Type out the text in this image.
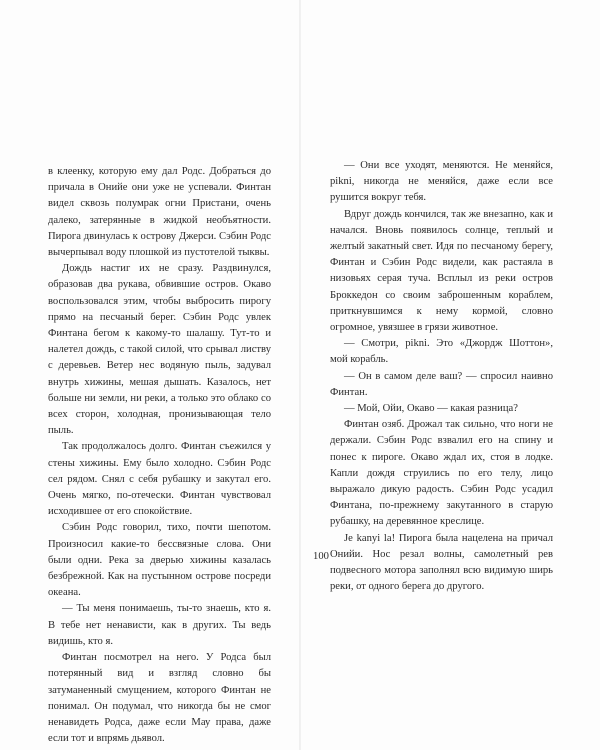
в клеенку, которую ему дал Родс. Добраться до причала в Онийе они уже не успевали. Финтан видел сквозь полумрак огни Пристани, очень далеко, затерянные в жидкой необъятности. Пирога двинулась к острову Джерси. Сэбин Родс вычерпывал воду плошкой из пустотелой тыквы.

Дождь настиг их не сразу. Раздвинулся, образовав два рукава, обвившие остров. Окаво воспользовался этим, чтобы выбросить пирогу прямо на песчаный берег. Сэбин Родс увлек Финтана бегом к какому-то шалашу. Тут-то и налетел дождь, с такой силой, что срывал листву с деревьев. Ветер нес водяную пыль, задувал внутрь хижины, мешая дышать. Казалось, нет больше ни земли, ни реки, а только это облако со всех сторон, холодная, пронизывающая тело пыль.

Так продолжалось долго. Финтан съежился у стены хижины. Ему было холодно. Сэбин Родс сел рядом. Снял с себя рубашку и закутал его. Очень мягко, по-отечески. Финтан чувствовал исходившее от его спокойствие.

Сэбин Родс говорил, тихо, почти шепотом. Произносил какие-то бессвязные слова. Они были одни. Река за дверью хижины казалась безбрежной. Как на пустынном острове посреди океана.

— Ты меня понимаешь, ты-то знаешь, кто я. В тебе нет ненависти, как в других. Ты ведь видишь, кто я.

Финтан посмотрел на него. У Родса был потерянный вид и взгляд словно бы затуманенный смущением, которого Финтан не понимал. Он подумал, что никогда бы не смог ненавидеть Родса, даже если Мау права, даже если тот и впрямь дьявол.

100

— Они все уходят, меняются. Не меняйся, pikni, никогда не меняйся, даже если все рушится вокруг тебя.

Вдруг дождь кончился, так же внезапно, как и начался. Вновь появилось солнце, теплый и желтый закатный свет. Идя по песчаному берегу, Финтан и Сэбин Родс видели, как растаяла в низовьях серая туча. Всплыл из реки остров Броккедон со своим заброшенным кораблем, приткнувшимся к нему кормой, словно огромное, увязшее в грязи животное.

— Смотри, pikni. Это «Джордж Шоттон», мой корабль.

— Он в самом деле ваш? — спросил наивно Финтан.

— Мой, Ойи, Окаво — какая разница?

Финтан озяб. Дрожал так сильно, что ноги не держали. Сэбин Родс взвалил его на спину и понес к пироге. Окаво ждал их, стоя в лодке. Капли дождя струились по его телу, лицо выражало дикую радость. Сэбин Родс усадил Финтана, по-прежнему закутанного в старую рубашку, на деревянное креслице.

Je kanyi la! Пирога была нацелена на причал Онийи. Нос резал волны, самолетный рев подвесного мотора заполнял всю видимую ширь реки, от одного берега до другого.
